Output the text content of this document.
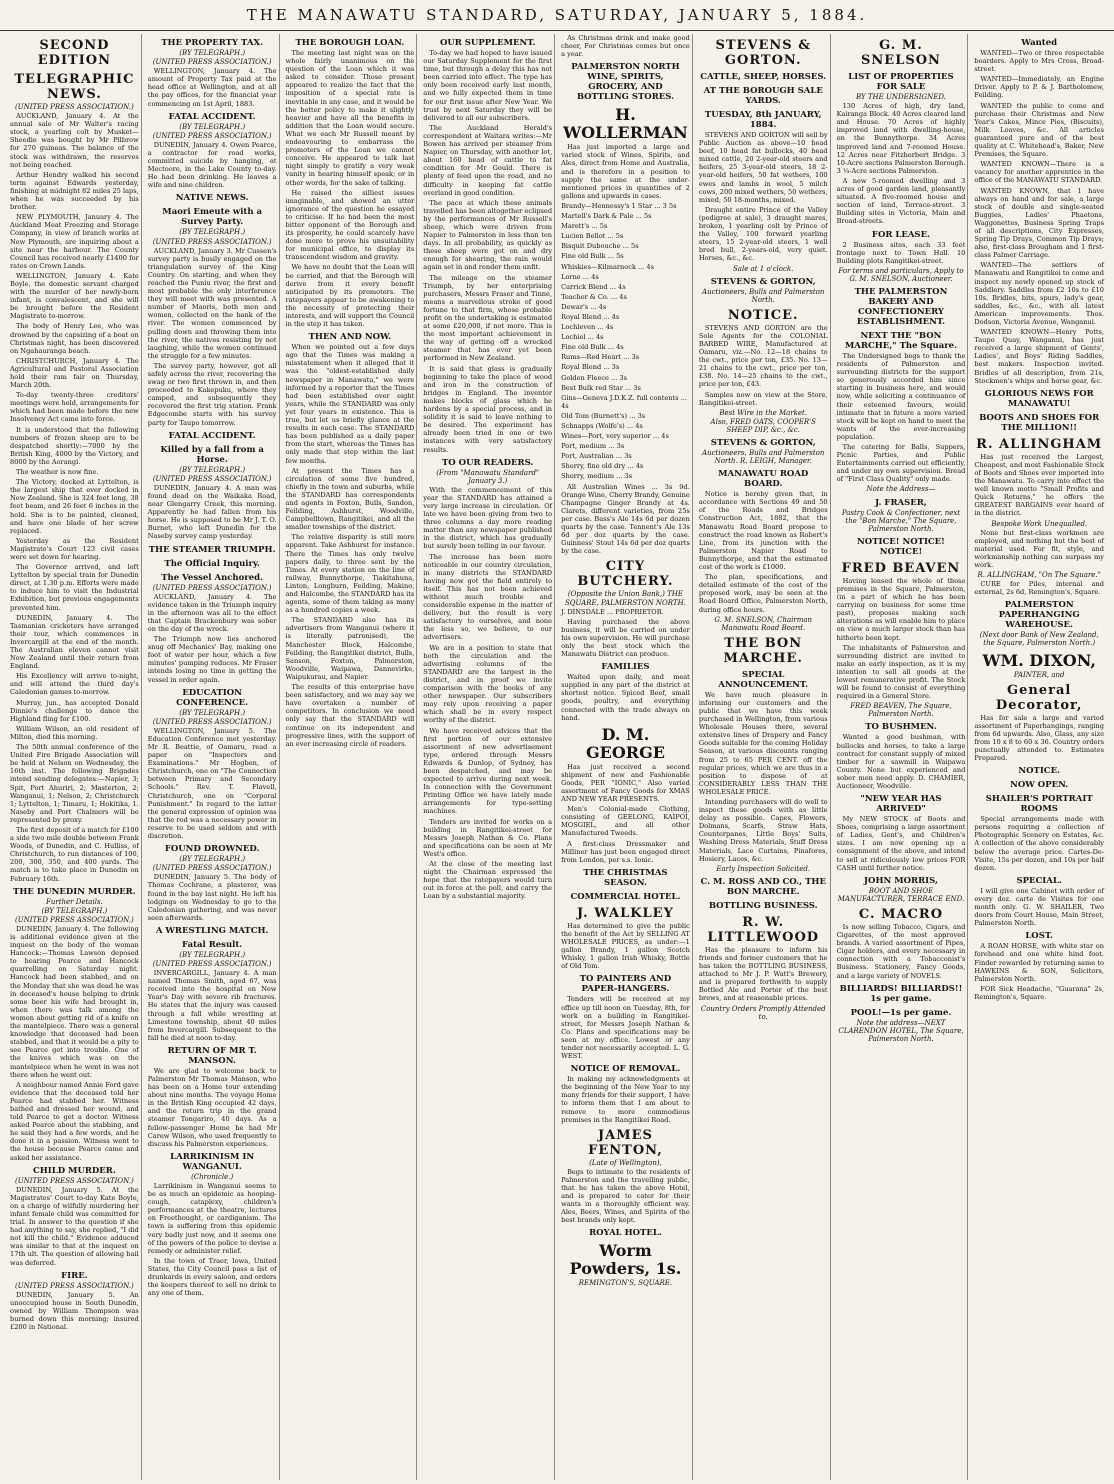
THE MANAWATU STANDARD, SATURDAY, JANUARY 5, 1884.
SECOND EDITION
TELEGRAPHIC NEWS.
(UNITED PRESS ASSOCIATION.)

AUCKLAND, January 4. At the annual sale of Mr Walter's racing stock, a yearling colt by Musket—Sheedie was bought by Mr Pilbrow for 270 guineas. The balance of the stock was withdrawn, the reserves not being reached.

Arthur Hendry walked his second term against Edwards yesterday, finishing at midnight 82 miles 25 laps, when he was succeeded by his brother.

NEW PLYMOUTH, January 4. The Auckland Meat Freezing and Storage Company, in view of branch works at New Plymouth, are inquiring about a site near the harbour. The County Council has received nearly £1400 for rates on Crown Lands.

WELLINGTON, January 4. Kate Boyle, the domestic servant charged with the murder of her newly-born infant, is convalescent, and she will be brought before the Resident Magistrate to-morrow.

The body of Henry Lee, who was drowned by the capsizing of a boat on Christmas night, has been discovered on Ngahauranga beach.

CHRISTCHURCH, January 4. The Agricultural and Pastoral Association hold their ram fair on Thursday, March 20th.

To-day twenty-three creditors' meetings were held, arrangements for which had been made before the new Insolvency Act came into force.

It is understood that the following numbers of frozen sheep are to be despatched shortly:—7000 by the British King, 4000 by the Victory, and 8000 by the Aorangi.

The weather is now fine.

The Victory, docked at Lyttelton, is the largest ship that ever docked in New Zealand. She is 324 feet long, 38 feet beam, and 26 feet 6 inches in the hold. She is to be painted, cleaned, and have one blade of her screw replaced.

Yesterday as the Resident Magistrate's Court 123 civil cases were set down for hearing.

The Governor arrived, and left Lyttelton by special train for Dunedin direct, at 1.30 p.m. Efforts were made to induce him to visit the Industrial Exhibition, but previous engagements prevented him.

DUNEDIN, January 4. The Tasmanian cricketers have arranged their tour, which commences in Invercargill at the end of the month. The Australian eleven cannot visit New Zealand until their return from England.

His Excellency will arrive to-night, and will attend the third day's Caledonian games to-morrow.

Murray, jun., has accepted Donald Dinnie's challenge to dance the Highland fling for £100.

William Wilson, an old resident of Milton, died this morning.

The 50th annual conference of the United Fire Brigade Association will be held at Nelson on Wednesday, the 16th inst. The following Brigades intend sending delegates:—Napier, 3; Spit, Port Ahuriri, 2; Masterton, 2; Wanganui, 1; Nelson, 2; Christchurch 1; Lyttelton, 1; Timaru, 1; Hokitika, 1. Naseby and Port Chalmers will be represented by proxy.

The first deposit of a match for £100 a side two mile double between Frank Woods, of Dunedin, and C. Hulliss, of Christchurch, to run distances of 100, 200, 300, 350, and 400 yards. The match is to take place in Dunedin on February 16th.

THE DUNEDIN MURDER.
Further Details.
(BY TELEGRAPH.)
(UNITED PRESS ASSOCIATION.)

DUNEDIN, January 4. The following is additional evidence given at the inquest on the body of the woman Hancock:—Thomas Lawson deposed to hearing Pearce and Hancock quarrelling on Saturday night. Hancock had been stabbed, and on the Monday that she was dead he was in deceased's house helping to drink some beer his wife had brought in, when there was talk among the women about getting rid of a knife on the mantelpiece. There was a general knowledge that deceased had been stabbed, and that it would be a pity to see Pearce get into trouble. One of the knives which was on the mantelpiece when he went in was not there when he went out.

A neighbour named Annie Ford gave evidence that the deceased told her Pearce had stabbed her. Witness bathed and dressed her wound, and told Pearce to get a doctor. Witness asked Pearce about the stabbing, and he said they had a few words, and he done it in a passion. Witness went to the house because Pearce came and asked her assistance.

CHILD MURDER.
(UNITED PRESS ASSOCIATION.)

DUNEDIN, January 5. At the Magistrates' Court to-day Kate Boyle, on a charge of wilfully murdering her infant female child was committed for trial. In answer to the question if she had anything to say, she replied, "I did not kill the child." Evidence adduced was similar to that at the inquest on 17th ult. The question of allowing bail was deferred.

FIRE.
(UNITED PRESS ASSOCIATION.)

DUNEDIN, January 5. An unoccupied house in South Dunedin, owned by William Thompson was burned down this morning; insured £200 in National.

THE PROPERTY TAX.
(BY TELEGRAPH.)
(UNITED PRESS ASSOCIATION.)

WELLINGTON, January 4. The amount of Property Tax paid at the head office at Wellington, and at all the pay offices, for the financial year commencing on 1st April, 1883.

FATAL ACCIDENT.
(BY TELEGRAPH.)
(UNITED PRESS ASSOCIATION.)

DUNEDIN, January 4. Owen Pearce, a contractor for road works, committed suicide by hanging, at Mectoore, in the Lake County to-day. He had been drinking. He leaves a wife and nine children.

NATIVE NEWS.
Maori Emeute with a Survey Party.
(BY TELEGRAPH.)
(UNITED PRESS ASSOCIATION.)

AUCKLAND, January 3. Mr Cussen's survey party is busily engaged on the triangulation survey of the King Country. On starting, and when they reached the Puniu river, the first and most probable the only interference they will meet with was presented. A number of Maoris, both men and women, collected on the bank of the river. The women commenced by pulling down and throwing them into the river, the natives resisting by not laughing, while the women continued the struggle for a few minutes.

The survey party, however, got all safely across the river, recovering the swag or two first thrown in, and then proceeded to Kakepuku, where they camped, and subsequently they recovered the first trig station. Frank Edgecombe starts with his survey party for Taupo tomorrow.

FATAL ACCIDENT.
Killed by a fall from a Horse.
(BY TELEGRAPH.)
(UNITED PRESS ASSOCIATION.)

DUNEDIN, January 4. A man was found dead on the Waikaka Road, near Glengarry Creek, this morning. Apparently he had fallen from his horse. He is supposed to be Mr J. T. O. Burnet, who left Dunedin for the Naseby survey camp yesterday.

THE STEAMER TRIUMPH.
The Official Inquiry.
The Vessel Anchored.
(UNITED PRESS ASSOCIATION.)

AUCKLAND, January 4. The evidence taken in the Triumph inquiry in the afternoon was all to the effect that Captain Brackenbury was sober on the day of the wreck.

The Triumph now lies anchored snug off Mechanics' Bay, making one foot of water per hour, which a few minutes' pumping reduces. Mr Fraser intends losing no time in getting the vessel in order again.

EDUCATION CONFERENCE.
(BY TELEGRAPH.)
(UNITED PRESS ASSOCIATION.)

WELLINGTON, January 5. The Education Conference met yesterday. Mr R. Beattie, of Oamaru, read a paper on "Inspectors and Examinations." Mr Hogben, of Christchurch, one on "The Connection between Primary and Secondary Schools." Rev. T. Flavell, Christchurch, one on "Corporal Punishment." In regard to the latter the general expression of opinion was that the rod was a necessary power in reserve to be used seldom and with discretion.

FOUND DROWNED.
(BY TELEGRAPH.)
(UNITED PRESS ASSOCIATION.)

DUNEDIN, January 5. The body of Thomas Cochrane, a plasterer, was found in the bay last night. He left his lodgings on Wednesday to go to the Caledonian gathering, and was never seen afterwards.

A WRESTLING MATCH.
Fatal Result.
(BY TELEGRAPH.)
(UNITED PRESS ASSOCIATION.)

INVERCARGILL, January 4. A man named Thomas Smith, aged 67, was received into the hospital on New Year's Day with severe rib fractures. He states that the injury was caused through a fall while wrestling at Limestone township, about 40 miles from Invercargill. Subsequent to the fall he died at noon to-day.

RETURN OF MR T. MANSON.

We are glad to welcome back to Palmerston Mr Thomas Manson, who has been on a Home tour extending about nine months. The voyage Home in the British King occupied 42 days, and the return trip in the grand steamer Tongariro, 40 days. As a fellow-passenger Home he had Mr Carew Wilson, who used frequently to discuss his Palmerston experiences.

LARRIKINISM IN WANGANUI.
(Chronicle.)

Larrikinism in Wanganui seems to be as much an epidemic as hooping-cough, cataplexy, children's performances at the theatre, lectures on Freethought, or cardiganism. The town is suffering from this epidemic very badly just now, and it seems one of the powers of the police to devise a remedy or administer relief.

In the town of Traer, Iowa, United States, the City Council pass a list of drunkards in every saloon, and orders the keepers thereof to sell no drink to any one of them.

THE BOROUGH LOAN.

The meeting last night was on the whole fairly unanimous on the question of the Loan which it was asked to consider. Those present appeared to realize the fact that the imposition of a special rate is inevitable in any case, and it would be the better policy to make it slightly heavier and have all the benefits in addition that the Loan would secure. What we each Mr Russell meant by endeavouring to embarrass the promoters of the Loan we cannot conceive. He appeared to talk last night simply to gratify a very weak vanity in hearing himself speak; or in other words, for the sake of talking.

He raised the silliest issues imaginable, and showed an utter ignorance of the question he essayed to criticise. If he had been the most bitter opponent of the Borough and its prosperity, he could scarcely have done more to prove his unsuitability for municipal office, to display its transcendent wisdom and gravity.

We have no doubt that the Loan will be carried, and that the Borough will derive from it every benefit anticipated by its promoters. The ratepayers appear to be awakening to the necessity of protecting their interests, and will support the Council in the step it has taken.

THEN AND NOW.

When we pointed out a few days ago that the Times was making a misstatement when it alleged that it was the "oldest-established daily newspaper in Manawatu," we were informed by a reporter that the Times had been established over eight years, while the STANDARD was only yet four years in existence. This is true, but let us briefly glance at the results in each case. The STANDARD has been published as a daily paper from the start, whereas the Times has only made that step within the last few months.

At present the Times has a circulation of some five hundred, chiefly in the town and suburbs, while the STANDARD has correspondents and agents in Foxton, Bulls, Sandon, Feilding, Ashhurst, Woodville, Campbelltown, Rangitikei, and all the smaller townships of the district.

The relative disparity is still more apparent. Take Ashhurst for instance. There the Times has only twelve papers daily, to three sent by the Times. At every station on the line of railway, Bunnythorpe, Tiakitahuna, Linton, Longburn, Feilding, Makino, and Halcombe, the STANDARD has its agents, some of them taking as many as a hundred copies a week.

The STANDARD also has its advertisers from Wanganui (where it is literally patronised), the Manchester Block, Halcombe, Feilding, the Rangitikei district, Bulls, Sanson, Foxton, Palmerston, Woodville, Waipawa, Dannevirke, Waipukurau, and Napier.

The results of this enterprise have been satisfactory, and we may say we have overtaken a number of competitors. In conclusion we need only say that the STANDARD will continue on its independent and progressive lines, with the support of an ever increasing circle of readers.

OUR SUPPLEMENT.

To-day we had hoped to have issued our Saturday Supplement for the first time, but through a delay this has not been carried into effect. The type has only been received early last month, and we fully expected them in time for our first issue after New Year. We trust by next Saturday they will be delivered to all our subscribers.

The Auckland Herald's correspondent at Waitara writes:—Mr Bowen has arrived per steamer from Napier, on Thursday, with another lot, about 160 head of cattle to fat condition for Mr Gould. There is plenty of feed upon the road, and no difficulty in keeping fat cattle overland in good condition.

The pace at which these animals travelled has been altogether eclipsed by the performances of Mr Russell's sheep, which were driven from Napier to Palmerston in less than ten days. In all probability, as quickly as these sheep were got on and dry enough for shearing, the rain would again set in and render them unfit.

The mileage on the steamer Triumph, by her enterprising purchasers, Messrs Fraser and Tinne, means a marvellous stroke of good fortune to that firm, whose probable profit on the undertaking is estimated at some £20,000, if not more. This is the most important achievement in the way of getting off a wrecked steamer that has ever yet been performed in New Zealand.

It is said that glass is gradually beginning to take the place of wood and iron in the construction of bridges in England. The inventor makes blocks of glass which he hardens by a special process, and in solidity it is said to leave nothing to be desired. The experiment has already been tried in one or two instances with very satisfactory results.

TO OUR READERS.
(From "Manawatu Standard" January 3.)

With the commencement of this year the STANDARD has attained a very large increase in circulation. Of late we have been giving from two to three columns a day more reading matter than any newspaper published in the district, which has gradually but surely been telling in our favour.

The increase has been more noticeable in our country circulation, in many districts the STANDARD having now got the field entirely to itself. This has not been achieved without much trouble and considerable expense in the matter of delivery, but the result is very satisfactory to ourselves, and none the less so, we believe, to our advertisers.

We are in a position to state that both the circulation and the advertising columns of the STANDARD are the largest in the district, and in proof we invite comparison with the books of any other newspaper. Our subscribers may rely upon receiving a paper which shall be in every respect worthy of the district.

We have received advices that the first portion of our extensive assortment of new advertisement type, ordered through Messrs Edwards & Dunlop, of Sydney, has been despatched, and may be expected to arrive during next week. In connection with the Government Printing Office we have lately made arrangements for type-setting machines.

Tenders are invited for works on a building in Rangitikei-street for Messrs Joseph Nathan & Co. Plans and specifications can be seen at Mr West's office.

At the close of the meeting last night the Chairman expressed the hope that the ratepayers would turn out in force at the poll, and carry the Loan by a substantial majority.

As Christmas drink and make good cheer, For Christmas comes but once a year.

PALMERSTON NORTH WINE, SPIRITS, GROCERY, AND BOTTLING STORES.
H. WOLLERMAN

Has just imported a large and varied stock of Wines, Spirits, and Ales, direct from Home and Australia, and is therefore in a position to supply the same at the under-mentioned prices in quantities of 2 gallons and upwards in cases.

Brandy—Hennessy's 1 Star ... 3 5s

Martell's Dark & Pale ... 5s

Marett's ... 5s

Lucien Bellot ... 5s

Bisquit Dubouche ... 5s

Fine old Bulk ... 5s

Whiskies—Kilmarnock ... 4s

Lorne ... 4s

Carrick Blend ... 4s

Teacher & Co. ... 4s

Dewar's ... 4s

Royal Blend ... 4s

Lochleven ... 4s

Lochiel ... 4s

Fine old Bulk ... 4s

Rums—Red Heart ... 3s

Royal Blend ... 3s

Golden Fleece ... 3s

Best Bulk red Star ... 3s

Gins—Geneva J.D.K.Z. full contents ... 4s

Old Tom (Burnett's) ... 3s

Schnapps (Wolfe's) ... 4s

Wines—Port, very superior ... 4s

Port, medium ... 3s

Port, Australian ... 3s

Sherry, fine old dry ... 4s

Sherry, medium ... 3s

All Australian Wines ... 3s 9d. Orange Wine, Cherry Brandy, Genuine Champagne Ginger Brandy at 4s. Clarets, different varieties, from 25s per case. Bass's Ale 14s 6d per dozen quarts by the case. Tennent's Ale 13s 6d per doz quarts by the case. Guinness' Stout 14s 6d per doz quarts by the case.

CITY BUTCHERY.
(Opposite the Union Bank,) THE SQUARE, PALMERSTON NORTH.

J. DINSDALE ... PROPRIETOR.

Having purchased the above business, it will be carried on under his own supervision. He will purchase only the best stock which the Manawatu District can produce.

FAMILIES

Waited upon daily, and meat supplied in any part of the district at shortest notice. Spiced Beef, small goods, poultry, and everything connected with the trade always on hand.

D. M. GEORGE

Has just received a second shipment of new and Fashionable Goods, PER "IONIC," Also varied assortment of Fancy Goods for XMAS AND NEW YEAR PRESENTS.

Men's Colonial-made Clothing, consisting of GEELONG, KAIPOI, MOSGIEL, and all other Manufactured Tweeds.

A first-class Dressmaker and Milliner has just been engaged direct from London, per s.s. Ionic.

THE CHRISTMAS SEASON.
COMMERCIAL HOTEL.
J. WALKLEY

Has determined to give the public the benefit of the Act by SELLING AT WHOLESALE PRICES, as under:—1 gallon Brandy, 1 gallon Scotch Whisky, 1 gallon Irish Whisky, Bottle of Old Tom.

TO PAINTERS AND PAPER-HANGERS.

Tenders will be received at my office up till noon on Tuesday, 8th, for work on a building in Rangitikei-street, for Messrs Joseph Nathan & Co. Plans and specifications may be seen at my office. Lowest or any tender not necessarily accepted. L. G. WEST.

NOTICE OF REMOVAL.

In making my acknowledgments at the beginning of the New Year to my many friends for their support, I have to inform them that I am about to remove to more commodious premises in the Rangitikei Road.

JAMES FENTON,
(Late of Wellington),

Begs to intimate to the residents of Palmerston and the travelling public, that he has taken the above Hotel, and is prepared to cater for their wants in a thoroughly efficient way. Ales, Beers, Wines, and Spirits of the best brands only kept.

ROYAL HOTEL.
Worm Powders, 1s.
REMINGTON'S, SQUARE.
STEVENS & GORTON.
CATTLE, SHEEP, HORSES.
AT THE BOROUGH SALE YARDS.
TUESDAY, 8th JANUARY, 1884.

STEVENS AND GORTON will sell by Public Auction as above—10 head beef, 10 head fat bullocks, 40 head mixed cattle, 20 2-year-old steers and heifers, 25 3-year-old steers, 18 2-year-old heifers, 50 fat wethers, 100 ewes and lambs in wool, 5 milch cows, 200 mixed wethers, 50 wethers, mixed, 50 18-months, mixed.

Draught entire Prince of the Valley (pedigree at sale), 3 draught mares, broken, 1 yearling colt by Prince of the Valley, 100 forward yearling steers, 15 2-year-old steers, 1 well bred bull, 2-years-old, very quiet. Horses, &c., &c.

Sale at 1 o'clock.
STEVENS & GORTON,
Auctioneers, Bulls and Palmerston North.
NOTICE.

STEVENS AND GORTON are the Sole Agents for the COLONIAL BARBED WIRE, Manufactured at Oamaru, viz.—No. 12—18 chains to the cwt., price per ton, £35. No. 13—21 chains to the cwt., price per ton, £38. No. 14—25 chains to the cwt., price per ton, £43.

Samples now on view at the Store, Rangitikei-street.

Best Wire in the Market.
Also, FRED OATS, COOPER'S SHEEP DIP, &c., &c.
STEVENS & GORTON,
Auctioneers, Bulls and Palmerston North. R. LEIGH, Manager.
MANAWATU ROAD BOARD.

Notice is hereby given that, in accordance with Sections 49 and 50 of the Roads and Bridges Construction Act, 1882, that the Manawatu Road Board propose to construct the road known as Robert's Line, from its junction with the Palmerston Napier Road to Bunnythorpe, and that the estimated cost of the work is £1000.

The plan, specifications, and detailed estimate of the cost of the proposed work, may be seen at the Road Board Office, Palmerston North, during office hours.

G. M. SNELSON, Chairman Manawatu Road Board.
THE BON MARCHE.
SPECIAL ANNOUNCEMENT.

We have much pleasure in informing our customers and the public that we have this week purchased in Wellington, from various Wholesale Houses there, several extensive lines of Drapery and Fancy Goods suitable for the coming Holiday Season, at various discounts ranging from 25 to 65 PER CENT. off the regular prices, which we are thus in a position to dispose of at CONSIDERABLY LESS THAN THE WHOLESALE PRICE.

Intending purchasers will do well to inspect these goods with as little delay as possible. Capes, Flowers, Dolmans, Scarfs, Straw Hats, Counterpanes, Little Boys' Suits, Washing Dress Materials, Stuff Dress Materials, Lace Curtains, Pinafores, Hosiery, Laces, &c.

Early Inspection Solicited.
C. M. ROSS AND CO., THE BON MARCHE.
BOTTLING BUSINESS.
R. W. LITTLEWOOD

Has the pleasure to inform his friends and former customers that he has taken the BOTTLING BUSINESS, attached to Mr J. P. Watt's Brewery, and is prepared forthwith to supply Bottled Ale and Porter of the best brews, and at reasonable prices.

Country Orders Promptly Attended to.
G. M. SNELSON
LIST OF PROPERTIES FOR SALE
BY THE UNDERSIGNED.

130 Acres of high, dry land, Kairanga Block. 40 Acres cleared land and House. 70 Acres of highly improved land with dwelling-house, on the Bunnythorpe. 34 Acres improved land and 7-roomed House. 12 Acres near Fitzherbert Bridge. 3 10-Acre sections Palmerston Borough. 3 ¼-Acre sections Palmerston.

A new 5-roomed dwelling and 3 acres of good garden land, pleasantly situated. A five-roomed house and section of land, Terrace-street. 3 Building sites in Victoria, Main and Broad-streets.

FOR LEASE.

2 Business sites, each 33 feet frontage next to Town Hall. 10 Building plots Rangitikei-street.

For terms and particulars, Apply to G. M. SNELSON, Auctioneer.
THE PALMERSTON BAKERY AND CONFECTIONERY ESTABLISHMENT.
NEXT THE "BON MARCHE," The Square.

The Undersigned begs to thank the residents of Palmerston and surrounding districts for the support so generously accorded him since starting in business here, and would now, while soliciting a continuance of their esteemed favours, would intimate that in future a more varied stock will be kept on hand to meet the wants of the ever-increasing population.

The catering for Balls, Suppers, Picnic Parties, and Public Entertainments carried out efficiently, and under my own supervision. Bread of "First Class Quality" only made.

Note the Address—
J. FRASER,
Pastry Cook & Confectioner, next the "Bon Marche," The Square, Palmerston North.
NOTICE! NOTICE! NOTICE!
FRED BEAVEN

Having leased the whole of those premises in the Square, Palmerston, (in a part of which he has been carrying on business for some time past), proposes making such alterations as will enable him to place on view a much larger stock than has hitherto been kept.

The inhabitants of Palmerston and surrounding district are invited to make an early inspection, as it is my intention to sell all goods at the lowest remunerative profit. The Stock will be found to consist of everything required in a General Store.

FRED BEAVEN, The Square, Palmerston North.
TO BUSHMEN.

Wanted a good bushman, with bullocks and horses, to take a large contract for constant supply of mixed timber for a sawmill in Waipawa County. None but experienced and sober men need apply. D. CHAMIER, Auctioneer, Woodville.

"NEW YEAR HAS ARRIVED"

My NEW STOCK of Boots and Shoes, comprising a large assortment of Ladies, Gent's, and Children's sizes. I am now opening up a consignment of the above, and intend to sell at ridiculously low prices FOR CASH until further notice.

JOHN MORRIS,
BOOT AND SHOE MANUFACTURER, TERRACE END.
C. MACRO

Is now selling Tobacco, Cigars, and Cigarettes, of the most approved brands. A varied assortment of Pipes, Cigar holders, and every necessary in connection with a Tobacconist's Business. Stationery, Fancy Goods, and a large variety of NOVELS.

BILLIARDS! BILLIARDS!! 1s per game.
POOL!—1s per game.
Note the address—NEXT CLARENDON HOTEL, The Square, Palmerston North.
Wanted

WANTED—Two or three respectable boarders. Apply to Mrs Cross, Broad-street.

WANTED—Immediately, an Engine Driver. Apply to P. & J. Bartholomew, Feilding.

WANTED the public to come and purchase their Christmas and New Year's Cakes, Mince Pies, (Biscuits), Milk Loaves, &c. All articles guaranteed pure and of the best quality at C. Whitehead's, Baker, New Premises, the Square.

WANTED KNOWN—There is a vacancy for another apprentice in the office of the MANAWATU STANDARD.

WANTED KNOWN, that I have always on hand and for sale, a large stock of double and single-seated Buggies, Ladies' Phaetons, Waggonettes, Business Spring Traps of all descriptions, City Expresses, Spring Tip Drays, Common Tip Drays; also, first-class Brougham and 1 first-class Palmer Carriage.

WANTED—The settlers of Manawatu and Rangitikei to come and inspect my newly opened up stock of Saddlery. Saddles from £2 10s to £10 10s. Bridles, bits, spurs, lady's gear, saddles, &c., &c., with all latest American improvements. Thos. Dodson, Victoria Avenue, Wanganui.

WANTED KNOWN—Henry Potts, Taupo Quay, Wanganui, has just received a large shipment of Gents', Ladies', and Boys' Riding Saddles, best makers. Inspection invited. Bridles of all description, from 21s, Stockmen's whips and horse gear, &c.

GLORIOUS NEWS FOR MANAWATU!
BOOTS AND SHOES FOR THE MILLION!!
R. ALLINGHAM

Has just received the Largest, Cheapest, and most Fashionable Stock of Boots and Shoes ever imported into the Manawatu. To carry into effect the well known motto "Small Profits and Quick Returns," he offers the GREATEST BARGAINS ever heard of in the district.

Bespoke Work Unequalled.

None but first-class workmen are employed, and nothing but the best of material used. For fit, style, and workmanship nothing can surpass my work.

R. ALLINGHAM, "On The Square."

CURE for Piles, internal and external, 2s 6d, Remington's, Square.

PALMERSTON PAPERHANGING WAREHOUSE.
(Next door Bank of New Zealand, the Square, Palmerston North.)
WM. DIXON,
PAINTER, and
General Decorator,

Has for sale a large and varied assortment of Paperhangings, ranging from 6d upwards. Also, Glass, any size from 10 x 8 to 60 x 36. Country orders punctually attended to. Estimates Prepared.

NOTICE.
NOW OPEN.
SHAILER'S PORTRAIT ROOMS

Special arrangements made with persons requiring a collection of Photographic Scenery on Estates, &c. A collection of the above considerably below the average price. Cartes-De-Visite, 15s per dozen, and 10s per half dozen.

SPECIAL.

I will give one Cabinet with order of every doz. carte de Visites for one month only. G. W. SHAILER, Two doors from Court House, Main Street, Palmerston North.

LOST.

A ROAN HORSE, with white star on forehead and one white hind foot. Finder rewarded by returning same to HAWKINS & SON, Solicitors, Palmerston North.

FOR Sick Headache, "Guarana" 2s, Remington's, Square.
